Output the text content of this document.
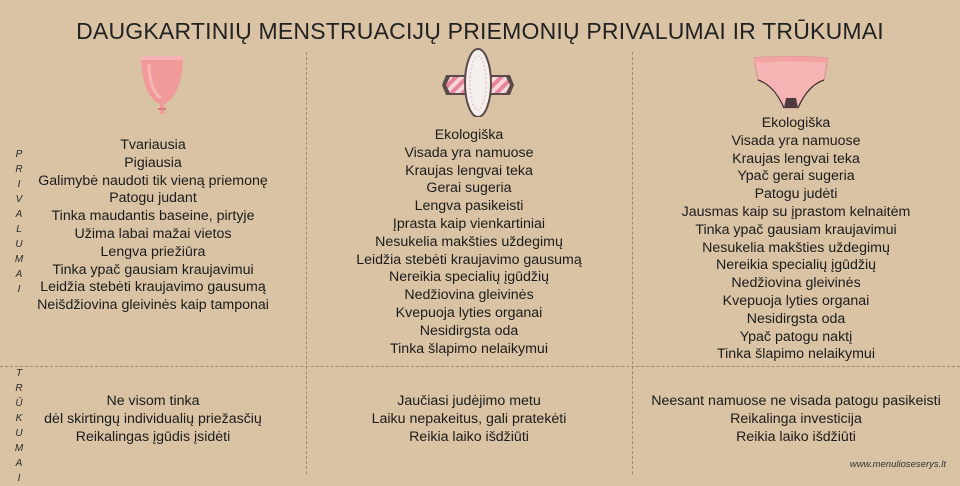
DAUGKARTINIŲ MENSTRUACIJŲ PRIEMONIŲ PRIVALUMAI IR TRŪKUMAI
P
R
I
V
A
L
U
M
A
I
T
R
Ū
K
U
M
A
I
Tvariausia
Pigiausia
Galimybė naudoti tik vieną priemonę
Patogu judant
Tinka maudantis baseine, pirtyje
Užima labai mažai vietos
Lengva priežiūra
Tinka ypač gausiam kraujavimui
Leidžia stebėti kraujavimo gausumą
Neišdžiovina gleivinės kaip tamponai
Ekologiška
Visada yra namuose
Kraujas lengvai teka
Gerai sugeria
Lengva pasikeisti
Įprasta kaip vienkartiniai
Nesukelia makšties uždegimų
Leidžia stebėti kraujavimo gausumą
Nereikia specialių įgūdžių
Nedžiovina gleivinės
Kvepuoja lyties organai
Nesidirgsta oda
Tinka šlapimo nelaikymui
Ekologiška
Visada yra namuose
Kraujas lengvai teka
Ypač gerai sugeria
Patogu judėti
Jausmas kaip su įprastom kelnaitėm
Tinka ypač gausiam kraujavimui
Nesukelia makšties uždegimų
Nereikia specialių įgūdžių
Nedžiovina gleivinės
Kvepuoja lyties organai
Nesidirgsta oda
Ypač patogu naktį
Tinka šlapimo nelaikymui
Ne visom tinka
dėl skirtingų individualių priežasčių
Reikalingas įgūdis įsidėti
Jaučiasi judėjimo metu
Laiku nepakeitus, gali pratekėti
Reikia laiko išdžiūti
Neesant namuose ne visada patogu pasikeisti
Reikalinga investicija
Reikia laiko išdžiūti
www.menulioseserys.lt
